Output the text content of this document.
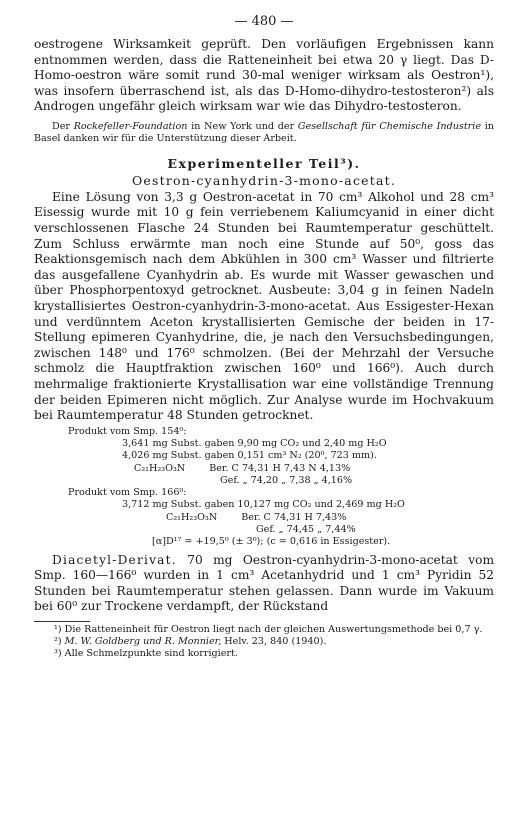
— 480 —
oestrogene Wirksamkeit geprüft. Den vorläufigen Ergebnissen kann entnommen werden, dass die Ratteneinheit bei etwa 20 γ liegt. Das D-Homo-oestron wäre somit rund 30-mal weniger wirksam als Oestron¹), was insofern überraschend ist, als das D-Homo-dihydro-testosteron²) als Androgen ungefähr gleich wirksam war wie das Dihydro-testosteron.
Der Rockefeller-Foundation in New York und der Gesellschaft für Chemische Industrie in Basel danken wir für die Unterstützung dieser Arbeit.
Experimenteller Teil³).
Oestron-cyanhydrin-3-mono-acetat.
Eine Lösung von 3,3 g Oestron-acetat in 70 cm³ Alkohol und 28 cm³ Eisessig wurde mit 10 g fein verriebenem Kaliumcyanid in einer dicht verschlossenen Flasche 24 Stunden bei Raumtemperatur geschüttelt. Zum Schluss erwärmte man noch eine Stunde auf 50⁰, goss das Reaktionsgemisch nach dem Abkühlen in 300 cm³ Wasser und filtrierte das ausgefallene Cyanhydrin ab. Es wurde mit Wasser gewaschen und über Phosphorpentoxyd getrocknet. Ausbeute: 3,04 g in feinen Nadeln krystallisiertes Oestron-cyanhydrin-3-mono-acetat. Aus Essigester-Hexan und verdünntem Aceton krystallisierten Gemische der beiden in 17-Stellung epimeren Cyanhydrine, die, je nach den Versuchsbedingungen, zwischen 148⁰ und 176⁰ schmolzen. (Bei der Mehrzahl der Versuche schmolz die Hauptfraktion zwischen 160⁰ und 166⁰). Auch durch mehrmalige fraktionierte Krystallisation war eine vollständige Trennung der beiden Epimeren nicht möglich. Zur Analyse wurde im Hochvakuum bei Raumtemperatur 48 Stunden getrocknet.
Produkt vom Smp. 154⁰:
3,641 mg Subst. gaben 9,90 mg CO₂ und 2,40 mg H₂O
4,026 mg Subst. gaben 0,151 cm³ N₂ (20⁰, 723 mm).
C₂₁H₂₃O₃N	Ber. C 74,31 H 7,43 N 4,13%
Gef. „ 74,20 „ 7,38 „ 4,16%
Produkt vom Smp. 166⁰:
3,712 mg Subst. gaben 10,127 mg CO₂ und 2,469 mg H₂O
C₂₁H₂₃O₃N	Ber. C 74,31 H 7,43%
Gef. „ 74,45 „ 7,44%
[α]D¹⁷ = +19,5⁰ (± 3⁰); (c = 0,616 in Essigester).
Diacetyl-Derivat. 70 mg Oestron-cyanhydrin-3-mono-acetat vom Smp. 160—166⁰ wurden in 1 cm³ Acetanhydrid und 1 cm³ Pyridin 52 Stunden bei Raumtemperatur stehen gelassen. Dann wurde im Vakuum bei 60⁰ zur Trockene verdampft, der Rückstand
¹) Die Ratteneinheit für Oestron liegt nach der gleichen Auswertungsmethode bei 0,7 γ.
²) M. W. Goldberg und R. Monnier, Helv. 23, 840 (1940).
³) Alle Schmelzpunkte sind korrigiert.
